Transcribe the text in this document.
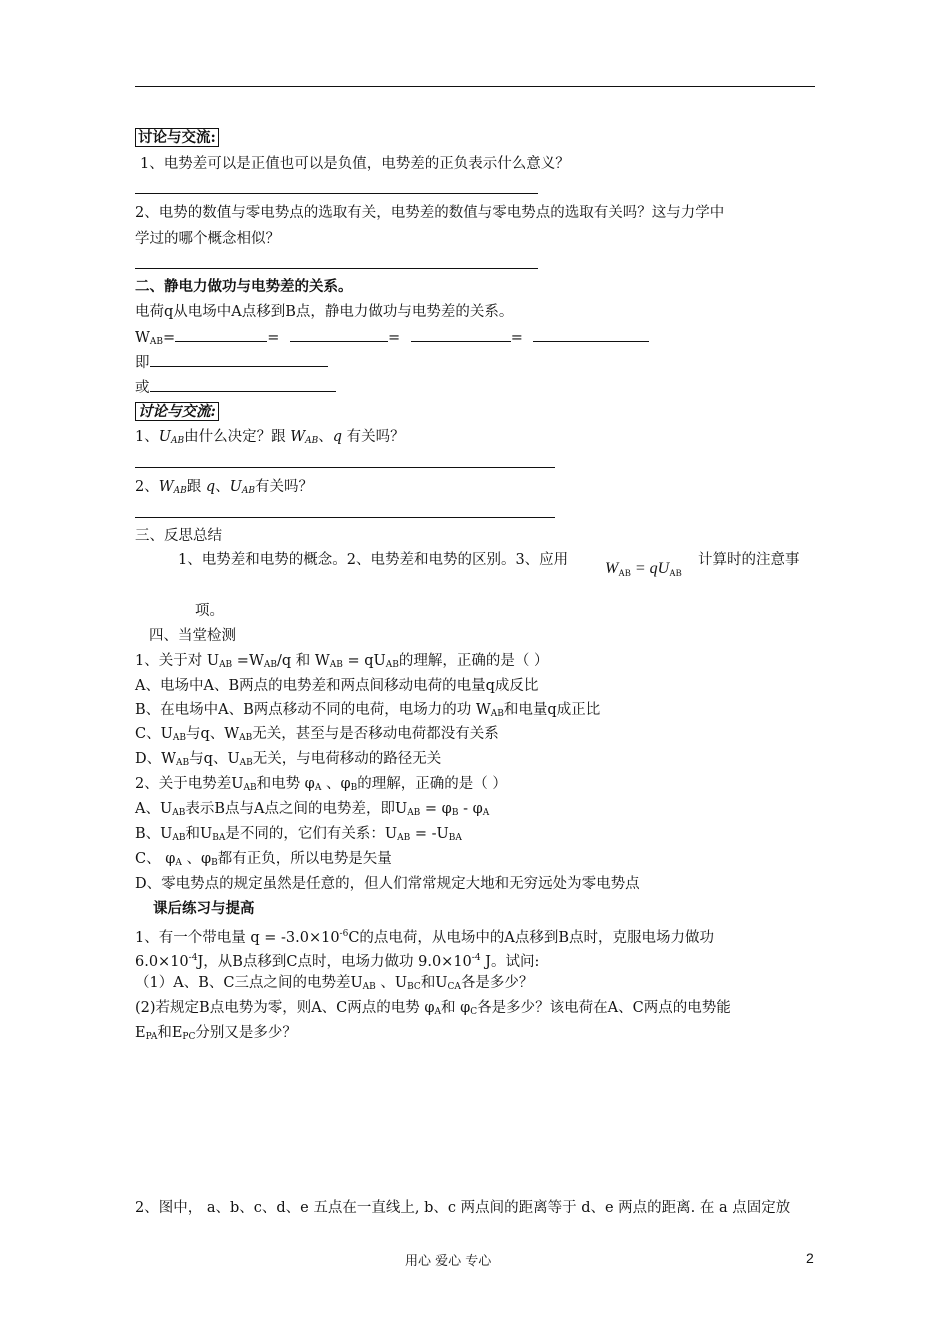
讨论与交流:
1、电势差可以是正值也可以是负值，电势差的正负表示什么意义？
2、电势的数值与零电势点的选取有关，电势差的数值与零电势点的选取有关吗？这与力学中
学过的哪个概念相似？
二、静电力做功与电势差的关系。
电荷q从电场中A点移到B点，静电力做功与电势差的关系。
$W_{AB}=$	=	=	=
即
或
讨论与交流:
1、$U_{AB}$由什么决定？跟 $W_{AB}$、q 有关吗？
2、$W_{AB}$跟 q、$U_{AB}$有关吗？
三、反思总结
1、电势差和电势的概念。2、电势差和电势的区别。3、应用 WAB = qUAB
计算时的注意事
项。
四、当堂检测
1、关于对 $U_{AB} =W_{AB}/q$ 和 $W_{AB} = qU_{AB}$的理解，正确的是（ ）
A、电场中A、B两点的电势差和两点间移动电荷的电量q成反比
B、在电场中A、B两点移动不同的电荷，电场力的功 $W_{AB}$和电量q成正比
C、$U_{AB}$与q、$W_{AB}$无关，甚至与是否移动电荷都没有关系
D、$W_{AB}$与q、$U_{AB}$无关，与电荷移动的路径无关
2、关于电势差$U_{AB}$和电势 $\varphi_A$ 、$\varphi_B$的理解，正确的是（ ）
A、$U_{AB}$表示B点与A点之间的电势差，即$U_{AB} = \varphi_B - \varphi_A$
B、$U_{AB}$和$U_{BA}$是不同的，它们有关系：$U_{AB} = -U_{BA}$
C、 $\varphi_A$ 、$\varphi_B$都有正负，所以电势是矢量
D、零电势点的规定虽然是任意的，但人们常常规定大地和无穷远处为零电势点
课后练习与提高
1、有一个带电量 $q = -3.0\times 10^{-6}C$的点电荷，从电场中的A点移到B点时，克服电场力做功
$6.0\times 10^{-4}J$，从B点移到C点时，电场力做功 $9.0\times 10^{-4}$ J。试问:
（1）A、B、C三点之间的电势差$U_{AB}$ 、$U_{BC}$和$U_{CA}$各是多少？
(2)若规定B点电势为零，则A、C两点的电势 $\varphi_A$和 $\varphi_C$各是多少？该电荷在A、C两点的电势能
$E_{PA}$和$E_{PC}$分别又是多少？
2、图中， a、b、c、d、e 五点在一直线上, b、c 两点间的距离等于 d、e 两点的距离. 在 a 点固定放
用心 爱心 专心	2
